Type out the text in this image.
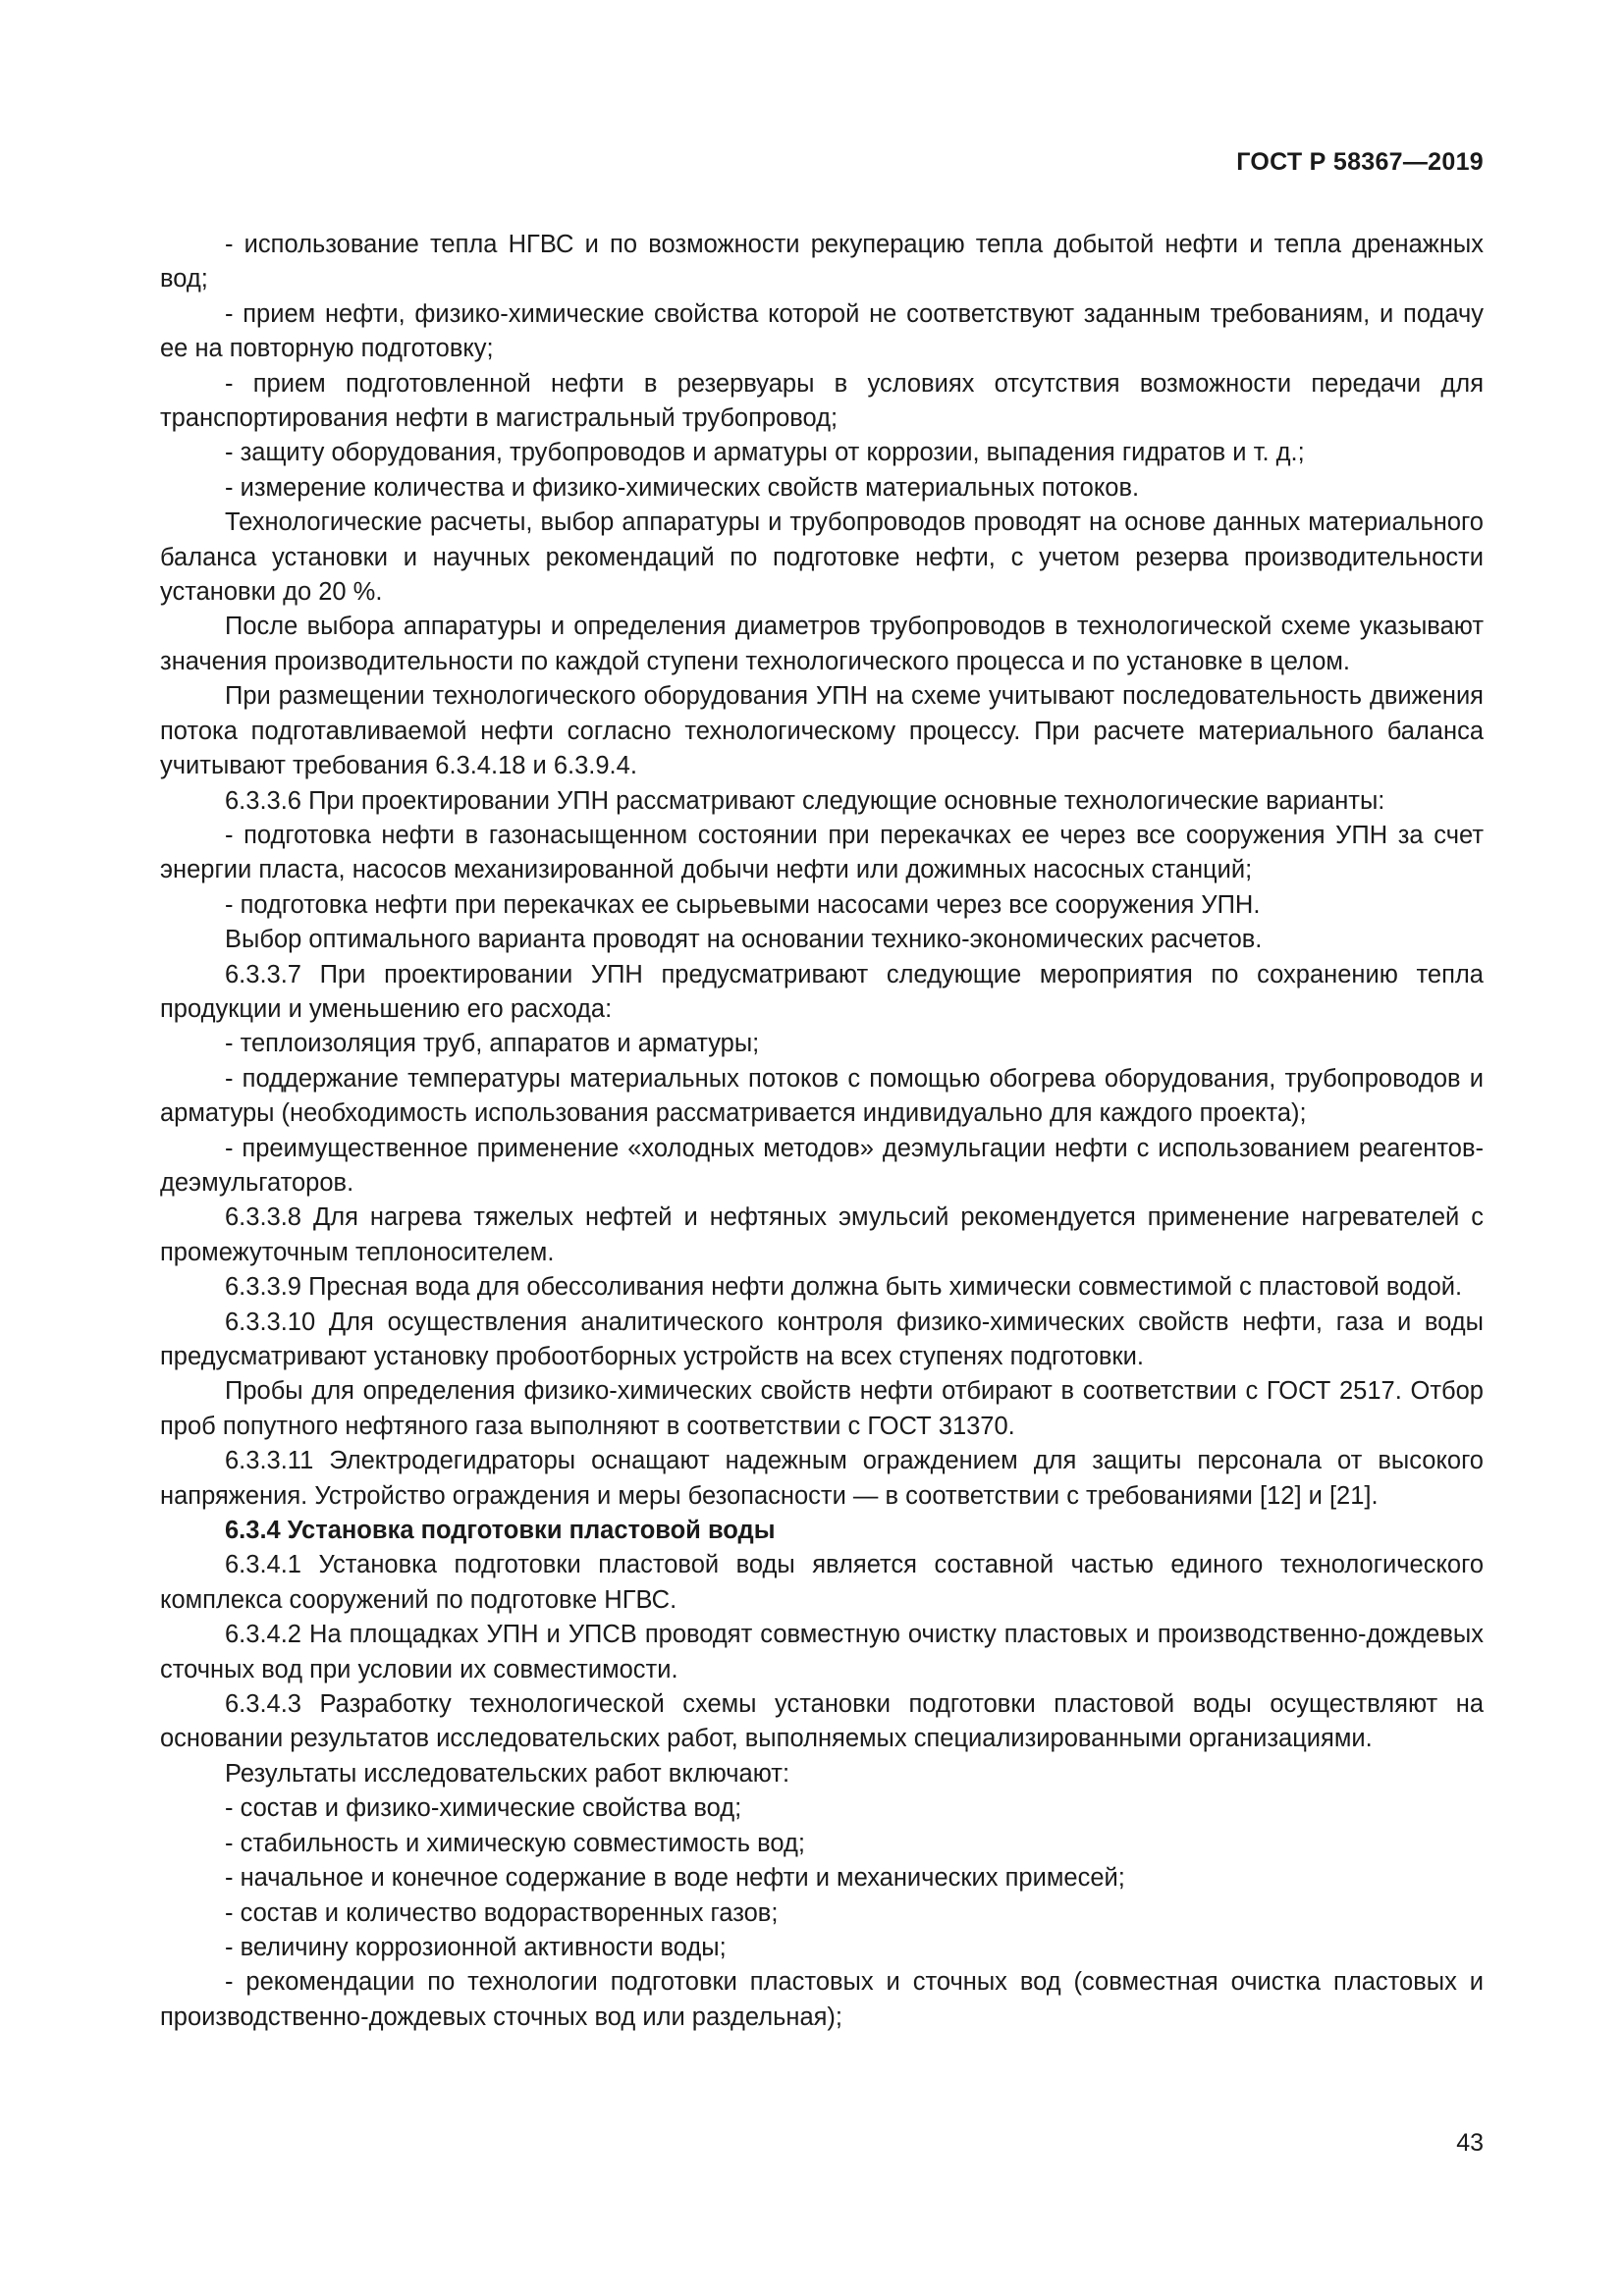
ГОСТ Р 58367—2019

- использование тепла НГВС и по возможности рекуперацию тепла добытой нефти и тепла дренажных вод;

- прием нефти, физико-химические свойства которой не соответствуют заданным требованиям, и подачу ее на повторную подготовку;

- прием подготовленной нефти в резервуары в условиях отсутствия возможности передачи для транспортирования нефти в магистральный трубопровод;

- защиту оборудования, трубопроводов и арматуры от коррозии, выпадения гидратов и т. д.;

- измерение количества и физико-химических свойств материальных потоков.

Технологические расчеты, выбор аппаратуры и трубопроводов проводят на основе данных материального баланса установки и научных рекомендаций по подготовке нефти, с учетом резерва производительности установки до 20 %.

После выбора аппаратуры и определения диаметров трубопроводов в технологической схеме указывают значения производительности по каждой ступени технологического процесса и по установке в целом.

При размещении технологического оборудования УПН на схеме учитывают последовательность движения потока подготавливаемой нефти согласно технологическому процессу. При расчете материального баланса учитывают требования 6.3.4.18 и 6.3.9.4.

6.3.3.6 При проектировании УПН рассматривают следующие основные технологические варианты:

- подготовка нефти в газонасыщенном состоянии при перекачках ее через все сооружения УПН за счет энергии пласта, насосов механизированной добычи нефти или дожимных насосных станций;

- подготовка нефти при перекачках ее сырьевыми насосами через все сооружения УПН.

Выбор оптимального варианта проводят на основании технико-экономических расчетов.

6.3.3.7 При проектировании УПН предусматривают следующие мероприятия по сохранению тепла продукции и уменьшению его расхода:

- теплоизоляция труб, аппаратов и арматуры;

- поддержание температуры материальных потоков с помощью обогрева оборудования, трубопроводов и арматуры (необходимость использования рассматривается индивидуально для каждого проекта);

- преимущественное применение «холодных методов» деэмульгации нефти с использованием реагентов-деэмульгаторов.

6.3.3.8 Для нагрева тяжелых нефтей и нефтяных эмульсий рекомендуется применение нагревателей с промежуточным теплоносителем.

6.3.3.9 Пресная вода для обессоливания нефти должна быть химически совместимой с пластовой водой.

6.3.3.10 Для осуществления аналитического контроля физико-химических свойств нефти, газа и воды предусматривают установку пробоотборных устройств на всех ступенях подготовки.

Пробы для определения физико-химических свойств нефти отбирают в соответствии с ГОСТ 2517. Отбор проб попутного нефтяного газа выполняют в соответствии с ГОСТ 31370.

6.3.3.11 Электродегидраторы оснащают надежным ограждением для защиты персонала от высокого напряжения. Устройство ограждения и меры безопасности — в соответствии с требованиями [12] и [21].

6.3.4 Установка подготовки пластовой воды

6.3.4.1 Установка подготовки пластовой воды является составной частью единого технологического комплекса сооружений по подготовке НГВС.

6.3.4.2 На площадках УПН и УПСВ проводят совместную очистку пластовых и производственно-дождевых сточных вод при условии их совместимости.

6.3.4.3 Разработку технологической схемы установки подготовки пластовой воды осуществляют на основании результатов исследовательских работ, выполняемых специализированными организациями.

Результаты исследовательских работ включают:

- состав и физико-химические свойства вод;

- стабильность и химическую совместимость вод;

- начальное и конечное содержание в воде нефти и механических примесей;

- состав и количество водорастворенных газов;

- величину коррозионной активности воды;

- рекомендации по технологии подготовки пластовых и сточных вод (совместная очистка пластовых и производственно-дождевых сточных вод или раздельная);

43
